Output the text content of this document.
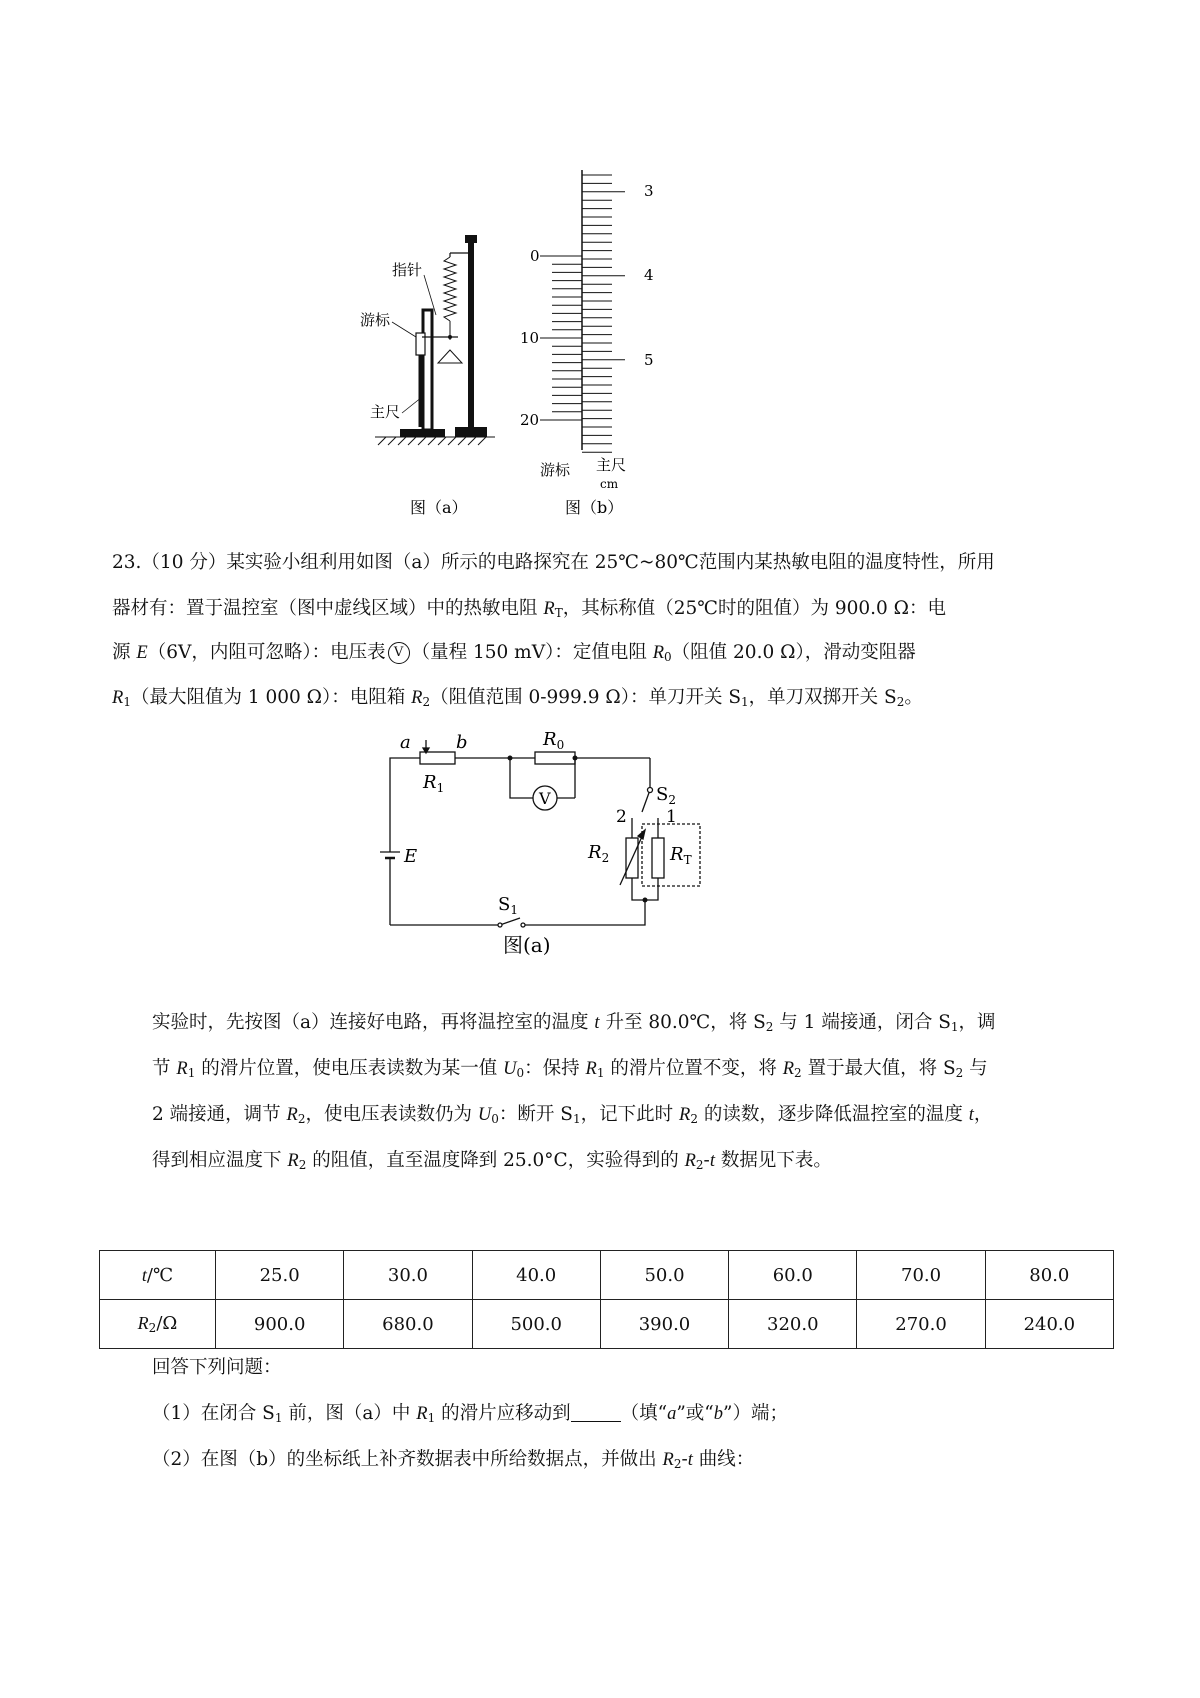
指针
游标
主尺
3
4
5
0
10
20
游标 主尺
cm
图（a）	图（b）
23.（10 分）某实验小组利用如图（a）所示的电路探究在 25℃~80℃范围内某热敏电阻的温度特性，所用
器材有：置于温控室（图中虚线区域）中的热敏电阻 $R_T$，其标称值（25℃时的阻值）为 900.0 Ω：电
源 E（6V，内阻可忽略）：电压表 V （量程 150 mV）：定值电阻 $R_0$（阻值 20.0 Ω），滑动变阻器
$R_1$（最大阻值为 1 000 Ω）：电阻箱 $R_2$（阻值范围 0-999.9 Ω）：单刀开关 $S_1$，单刀双掷开关 $S_2$。
a	b
$R_1$
$R_0$
V
E
$S_2$
2 1
$R_2$	$R_T$
$S_1$
图(a)
实验时，先按图（a）连接好电路，再将温控室的温度 t 升至 80.0℃，将 $S_2$ 与 1 端接通，闭合 $S_1$，调
节 $R_1$ 的滑片位置，使电压表读数为某一值 $U_0$：保持 $R_1$ 的滑片位置不变，将 $R_2$ 置于最大值，将 $S_2$ 与
2 端接通，调节 $R_2$，使电压表读数仍为 $U_0$：断开 $S_1$，记下此时 $R_2$ 的读数，逐步降低温控室的温度 t，
得到相应温度下 $R_2$ 的阻值，直至温度降到 25.0°C，实验得到的 $R_2-t$ 数据见下表。
t/℃	25.0	30.0	40.0	50.0	60.0	70.0	80.0
$R_2/\Omega$	900.0	680.0	500.0	390.0	320.0	270.0	240.0
回答下列问题：
（1）在闭合 $S_1$ 前，图（a）中 $R_1$ 的滑片应移动到	（填“a”或“b”）端；
（2）在图（b）的坐标纸上补齐数据表中所给数据点，并做出 $R_2-t$ 曲线：
